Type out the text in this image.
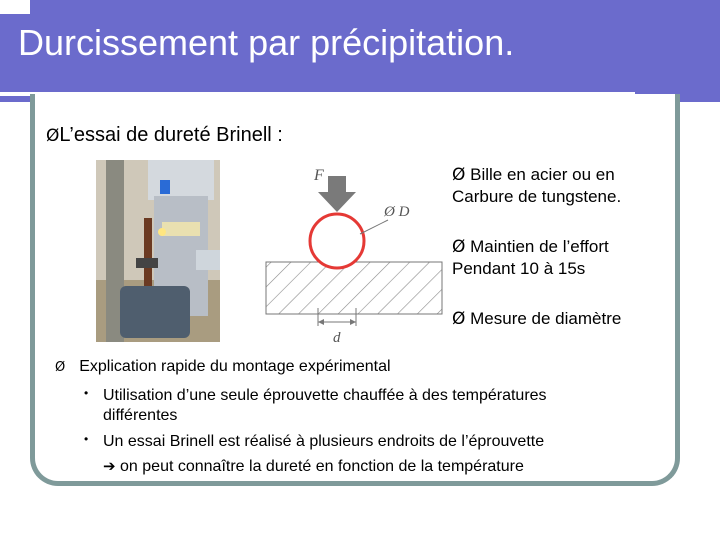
Durcissement par précipitation.
ØL’essai de dureté Brinell :
F
Ø D
d
Ø Bille en acier ou en
Carbure de tungstene.
Ø Maintien de l’effort
Pendant 10 à 15s
Ø Mesure de diamètre
Ø Explication rapide du montage expérimental
• Utilisation d’une seule éprouvette chauffée à des températures différentes
• Un essai Brinell est réalisé à plusieurs endroits de l’éprouvette
➔ on peut connaître la dureté en fonction de la température
